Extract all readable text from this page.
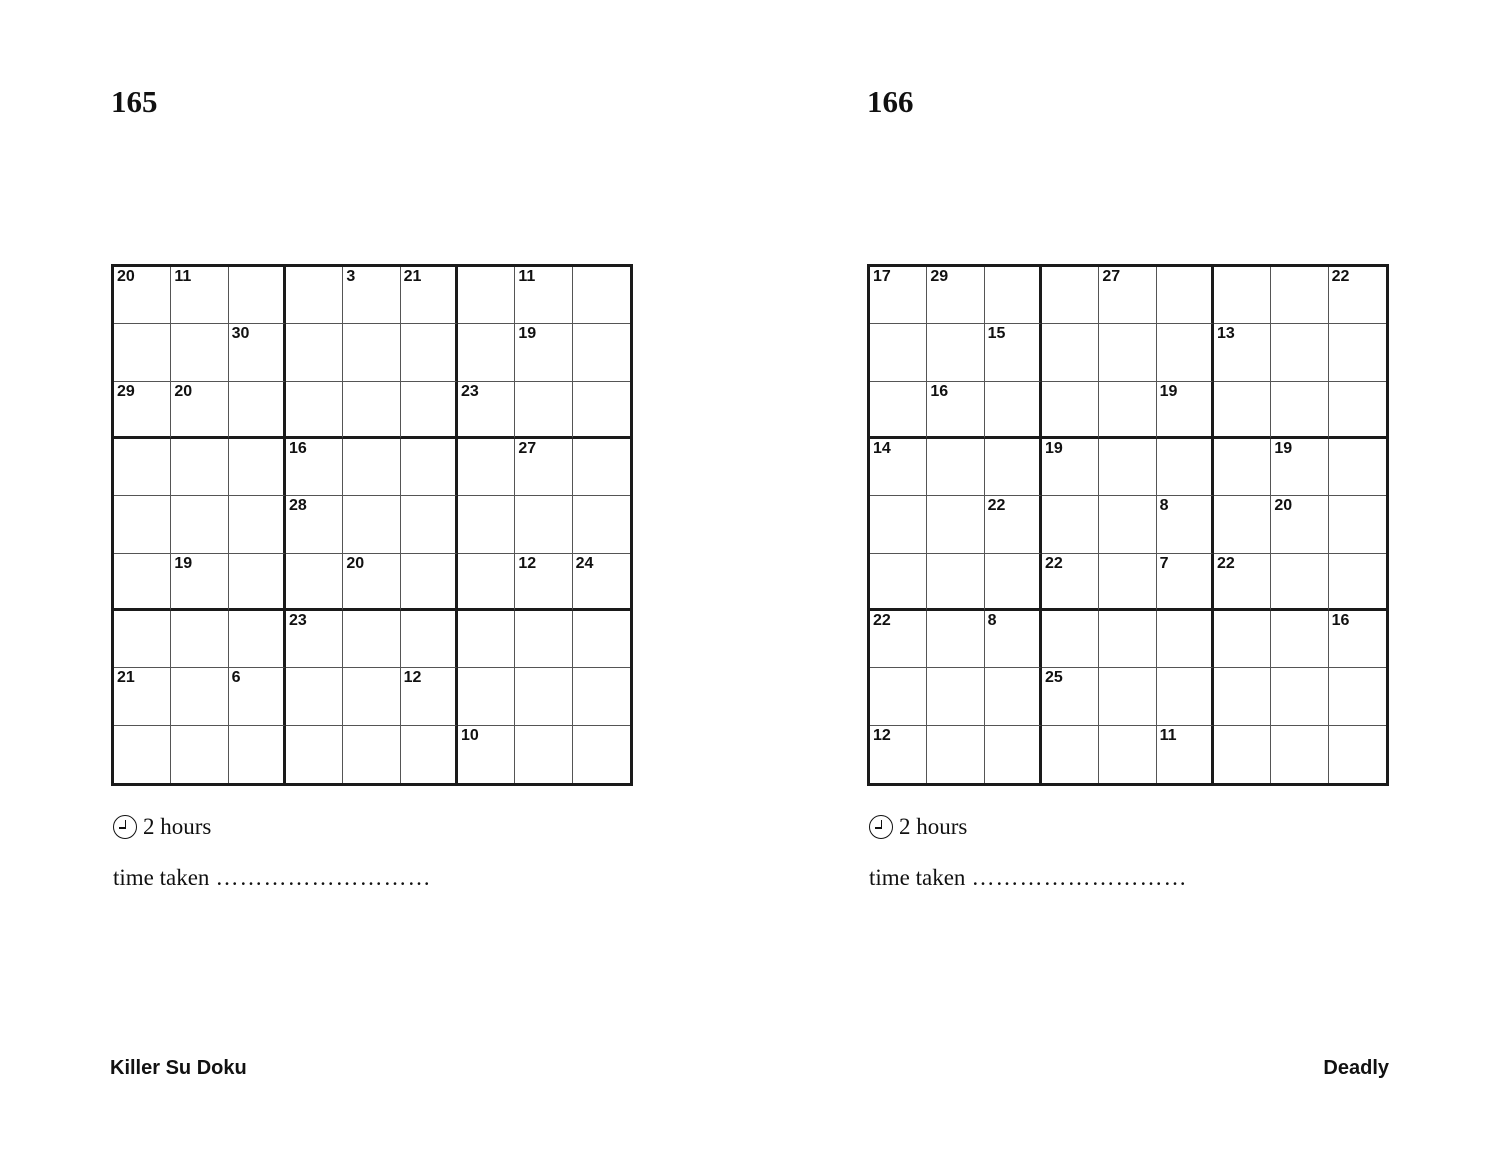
165
20 11	3	21	11
30	19
29 20	23
16	27
28
19	20	12 24
23
21	6	12
10
2 hours
time taken ………………………
166
17 29	27	22
15	13
16	19
14	19	19
22	8	20
22	7	22
22	8	16
25
12	11
2 hours
time taken ………………………
Killer Su Doku	Deadly
